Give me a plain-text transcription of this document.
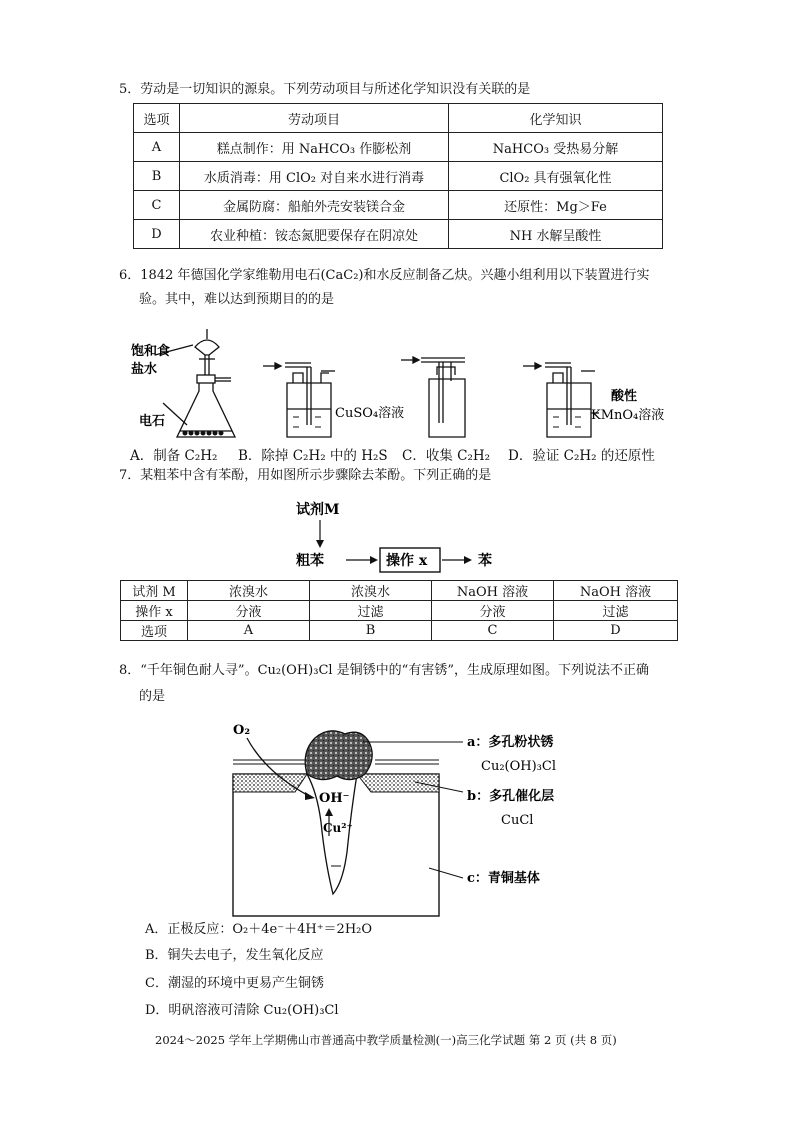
5．劳动是一切知识的源泉。下列劳动项目与所述化学知识没有关联的是
选项	劳动项目	化学知识
A	糕点制作：用 NaHCO₃ 作膨松剂	NaHCO₃ 受热易分解
B	水质消毒：用 ClO₂ 对自来水进行消毒	ClO₂ 具有强氧化性
C	金属防腐：船舶外壳安装镁合金	还原性：Mg＞Fe
D	农业种植：铵态氮肥要保存在阴凉处	NH 水解呈酸性
6．1842 年德国化学家维勒用电石(CaC₂)和水反应制备乙炔。兴趣小组利用以下装置进行实
验。其中，难以达到预期目的的是
饱和食
盐水
电石
CuSO₄溶液
酸性
KMnO₄溶液
A．制备 C₂H₂ B．除掉 C₂H₂ 中的 H₂S C．收集 C₂H₂ D．验证 C₂H₂ 的还原性
7．某粗苯中含有苯酚，用如图所示步骤除去苯酚。下列正确的是
试剂M
粗苯	操作 x	苯
试剂 M	浓溴水	浓溴水	NaOH 溶液	NaOH 溶液
操作 x	分液	过滤	分液	过滤
选项	A	B	C	D
8．“千年铜色耐人寻”。Cu₂(OH)₃Cl 是铜锈中的“有害锈”，生成原理如图。下列说法不正确
的是
O₂
OH⁻
Cu²⁺
a：多孔粉状锈
Cu₂(OH)₃Cl
b：多孔催化层
CuCl
c：青铜基体
A．正极反应：O₂＋4e⁻＋4H⁺＝2H₂O
B．铜失去电子，发生氧化反应
C．潮湿的环境中更易产生铜锈
D．明矾溶液可清除 Cu₂(OH)₃Cl
2024～2025 学年上学期佛山市普通高中教学质量检测(一)高三化学试题 第 2 页 (共 8 页)
